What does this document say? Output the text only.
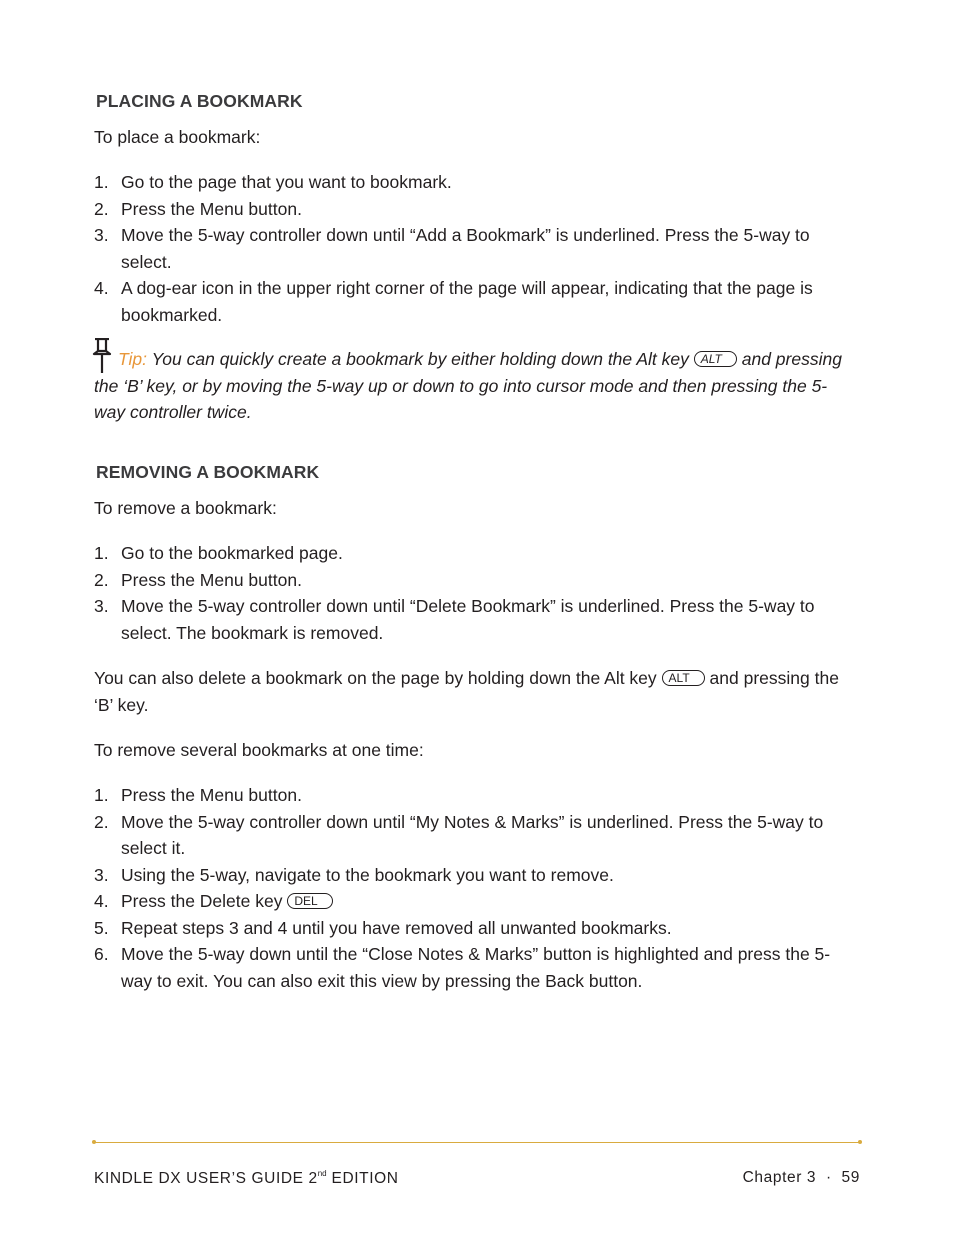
PLACING A BOOKMARK
To place a bookmark:
1. Go to the page that you want to bookmark.
2. Press the Menu button.
3. Move the 5-way controller down until “Add a Bookmark” is underlined. Press the 5-way to select.
4. A dog-ear icon in the upper right corner of the page will appear, indicating that the page is bookmarked.
Tip: You can quickly create a bookmark by either holding down the Alt key ALT and pressing the ‘B’ key, or by moving the 5-way up or down to go into cursor mode and then pressing the 5-way controller twice.
REMOVING A BOOKMARK
To remove a bookmark:
1. Go to the bookmarked page.
2. Press the Menu button.
3. Move the 5-way controller down until “Delete Bookmark” is underlined. Press the 5-way to select. The bookmark is removed.
You can also delete a bookmark on the page by holding down the Alt key ALT and pressing the ‘B’ key.
To remove several bookmarks at one time:
1. Press the Menu button.
2. Move the 5-way controller down until “My Notes & Marks” is underlined. Press the 5-way to select it.
3. Using the 5-way, navigate to the bookmark you want to remove.
4. Press the Delete key DEL
5. Repeat steps 3 and 4 until you have removed all unwanted bookmarks.
6. Move the 5-way down until the “Close Notes & Marks” button is highlighted and press the 5-way to exit. You can also exit this view by pressing the Back button.
KINDLE DX USER’S GUIDE 2nd EDITION	Chapter 3 · 59
